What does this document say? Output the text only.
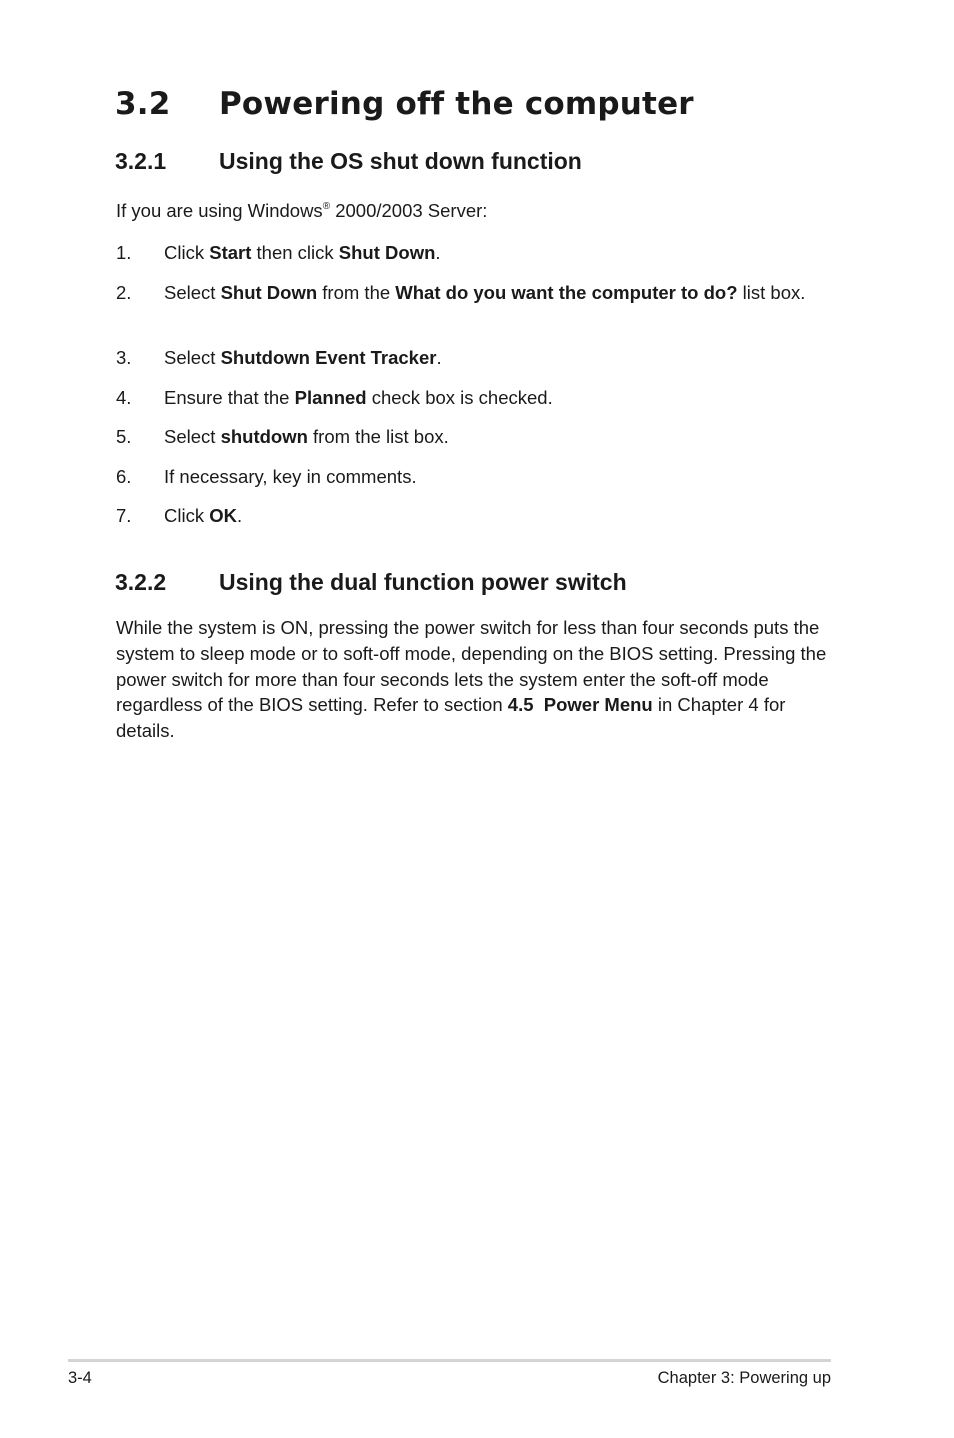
3.2 Powering off the computer
3.2.1 Using the OS shut down function
If you are using Windows® 2000/2003 Server:
1. Click Start then click Shut Down.
2. Select Shut Down from the What do you want the computer to do? list box.
3. Select Shutdown Event Tracker.
4. Ensure that the Planned check box is checked.
5. Select shutdown from the list box.
6. If necessary, key in comments.
7. Click OK.
3.2.2 Using the dual function power switch
While the system is ON, pressing the power switch for less than four seconds puts the system to sleep mode or to soft-off mode, depending on the BIOS setting. Pressing the power switch for more than four seconds lets the system enter the soft-off mode regardless of the BIOS setting. Refer to section 4.5  Power Menu in Chapter 4 for details.
3-4	Chapter 3: Powering up
